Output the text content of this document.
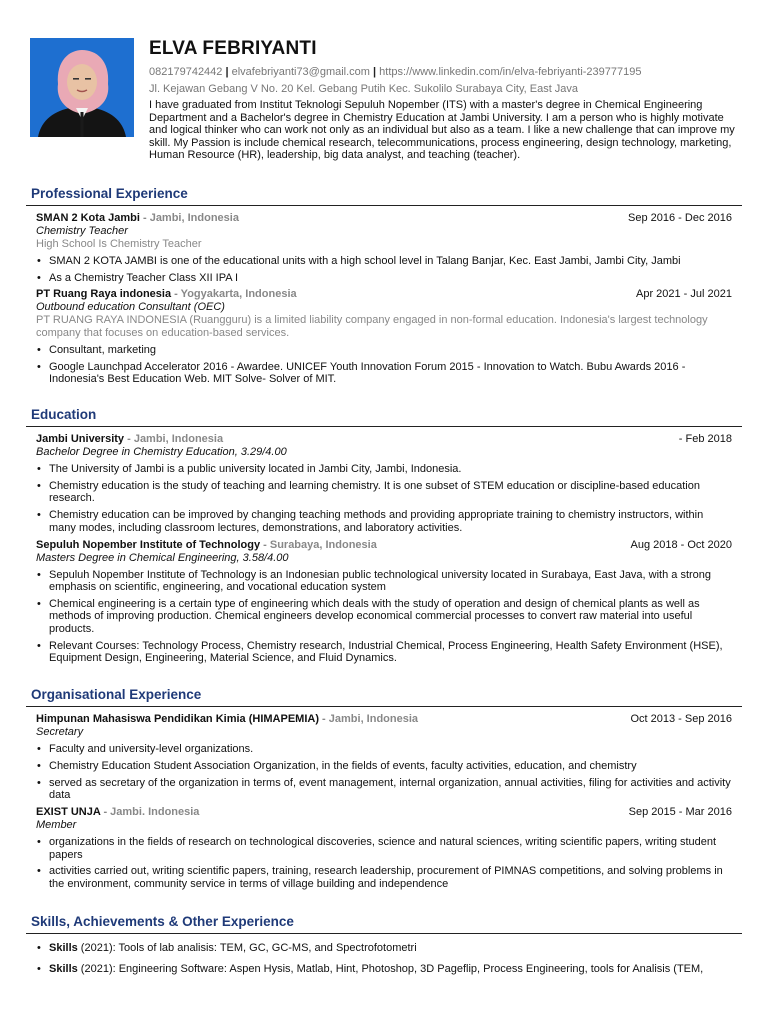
ELVA FEBRIYANTI
082179742442 | elvafebriyanti73@gmail.com | https://www.linkedin.com/in/elva-febriyanti-239777195
Jl. Kejawan Gebang V No. 20 Kel. Gebang Putih Kec. Sukolilo Surabaya City, East Java
I have graduated from Institut Teknologi Sepuluh Nopember (ITS) with a master's degree in Chemical Engineering Department and a Bachelor's degree in Chemistry Education at Jambi University. I am a person who is highly motivate and logical thinker who can work not only as an individual but also as a team. I like a new challenge that can improve my skill. My Passion is include chemical research, telecommunications, process engineering, design technology, marketing, Human Resource (HR), leadership, big data analyst, and teaching (teacher).
Professional Experience
SMAN 2 Kota Jambi - Jambi, Indonesia	Sep 2016 - Dec 2016
Chemistry Teacher
High School Is Chemistry Teacher
• SMAN 2 KOTA JAMBI is one of the educational units with a high school level in Talang Banjar, Kec. East Jambi, Jambi City, Jambi
• As a Chemistry Teacher Class XII IPA I
PT Ruang Raya indonesia - Yogyakarta, Indonesia	Apr 2021 - Jul 2021
Outbound education Consultant (OEC)
PT RUANG RAYA INDONESIA (Ruangguru) is a limited liability company engaged in non-formal education. Indonesia's largest technology company that focuses on education-based services.
• Consultant, marketing
• Google Launchpad Accelerator 2016 - Awardee. UNICEF Youth Innovation Forum 2015 - Innovation to Watch. Bubu Awards 2016 - Indonesia's Best Education Web. MIT Solve- Solver of MIT.
Education
Jambi University - Jambi, Indonesia	- Feb 2018
Bachelor Degree in Chemistry Education, 3.29/4.00
• The University of Jambi is a public university located in Jambi City, Jambi, Indonesia.
• Chemistry education is the study of teaching and learning chemistry. It is one subset of STEM education or discipline-based education research.
• Chemistry education can be improved by changing teaching methods and providing appropriate training to chemistry instructors, within many modes, including classroom lectures, demonstrations, and laboratory activities.
Sepuluh Nopember Institute of Technology - Surabaya, Indonesia	Aug 2018 - Oct 2020
Masters Degree in Chemical Engineering, 3.58/4.00
• Sepuluh Nopember Institute of Technology is an Indonesian public technological university located in Surabaya, East Java, with a strong emphasis on scientific, engineering, and vocational education system
• Chemical engineering is a certain type of engineering which deals with the study of operation and design of chemical plants as well as methods of improving production. Chemical engineers develop economical commercial processes to convert raw material into useful products.
• Relevant Courses: Technology Process, Chemistry research, Industrial Chemical, Process Engineering, Health Safety Environment (HSE), Equipment Design, Engineering, Material Science, and Fluid Dynamics.
Organisational Experience
Himpunan Mahasiswa Pendidikan Kimia (HIMAPEMIA) - Jambi, Indonesia	Oct 2013 - Sep 2016
Secretary
• Faculty and university-level organizations.
• Chemistry Education Student Association Organization, in the fields of events, faculty activities, education, and chemistry
• served as secretary of the organization in terms of, event management, internal organization, annual activities, filing for activities and activity data
EXIST UNJA - Jambi. Indonesia	Sep 2015 - Mar 2016
Member
• organizations in the fields of research on technological discoveries, science and natural sciences, writing scientific papers, writing student papers
• activities carried out, writing scientific papers, training, research leadership, procurement of PIMNAS competitions, and solving problems in the environment, community service in terms of village building and independence
Skills, Achievements & Other Experience
• Skills (2021): Tools of lab analisis: TEM, GC, GC-MS, and Spectrofotometri
• Skills (2021): Engineering Software: Aspen Hysis, Matlab, Hint, Photoshop, 3D Pageflip, Process Engineering, tools for Analisis (TEM,
